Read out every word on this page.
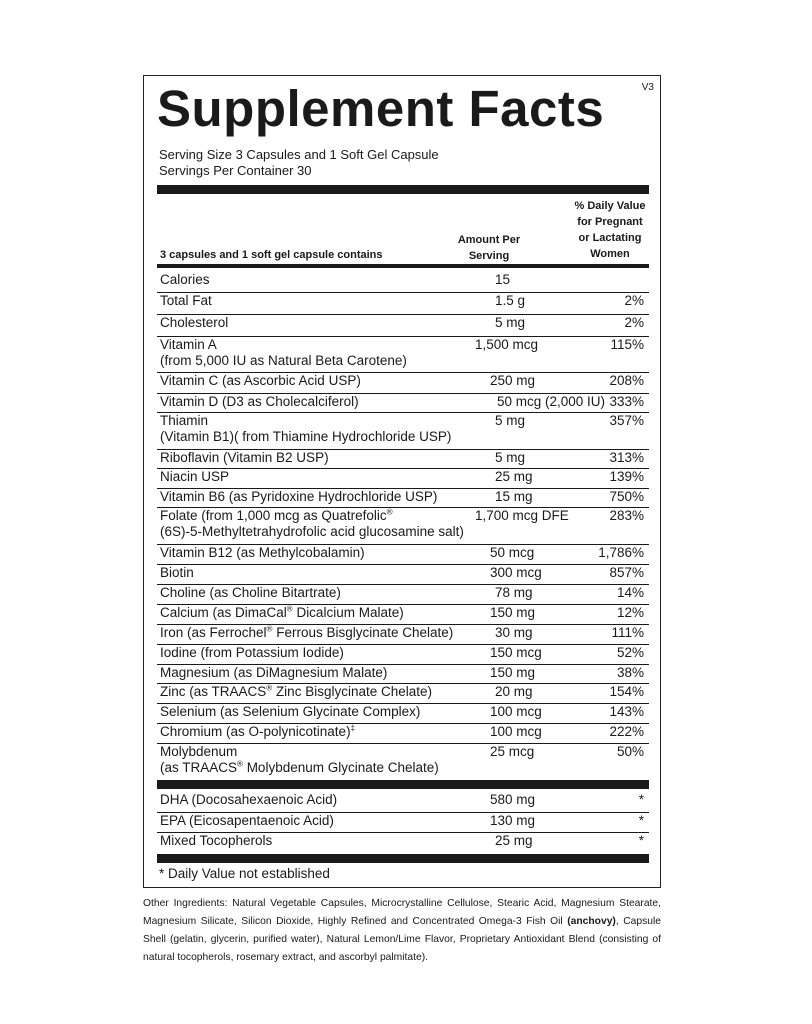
V3
Supplement Facts
Serving Size 3 Capsules and 1 Soft Gel Capsule
Servings Per Container 30
3 capsules and 1 soft gel capsule contains
Amount Per
Serving
% Daily Value
for Pregnant
or Lactating
Women
Calories	15
Total Fat	1.5 g	2%
Cholesterol	5 mg	2%
Vitamin A
(from 5,000 IU as Natural Beta Carotene)
1,500 mcg	115%
Vitamin C (as Ascorbic Acid USP)	250 mg	208%
Vitamin D (D3 as Cholecalciferol)	50 mcg (2,000 IU) 333%
Thiamin
(Vitamin B1)( from Thiamine Hydrochloride USP)
5 mg	357%
Riboflavin (Vitamin B2 USP)	5 mg	313%
Niacin USP	25 mg	139%
Vitamin B6 (as Pyridoxine Hydrochloride USP)	15 mg	750%
Folate (from 1,000 mcg as Quatrefolic®
(6S)-5-Methyltetrahydrofolic acid glucosamine salt)
1,700 mcg DFE	283%
Vitamin B12 (as Methylcobalamin)	50 mcg	1,786%
Biotin	300 mcg	857%
Choline (as Choline Bitartrate)	78 mg	14%
Calcium (as DimaCal® Dicalcium Malate)	150 mg	12%
Iron (as Ferrochel® Ferrous Bisglycinate Chelate)	30 mg	111%
Iodine (from Potassium Iodide)	150 mcg	52%
Magnesium (as DiMagnesium Malate)	150 mg	38%
Zinc (as TRAACS® Zinc Bisglycinate Chelate)	20 mg	154%
Selenium (as Selenium Glycinate Complex)	100 mcg	143%
Chromium (as O-polynicotinate)‡	100 mcg	222%
Molybdenum
(as TRAACS® Molybdenum Glycinate Chelate)
25 mcg	50%
DHA (Docosahexaenoic Acid)	580 mg	*
EPA (Eicosapentaenoic Acid)	130 mg	*
Mixed Tocopherols	25 mg	*
* Daily Value not established
Other Ingredients: Natural Vegetable Capsules, Microcrystalline Cellulose, Stearic Acid, Magnesium Stearate, Magnesium Silicate, Silicon Dioxide, Highly Refined and Concentrated Omega-3 Fish Oil (anchovy), Capsule Shell (gelatin, glycerin, purified water), Natural Lemon/Lime Flavor, Proprietary Antioxidant Blend (consisting of natural tocopherols, rosemary extract, and ascorbyl palmitate).
